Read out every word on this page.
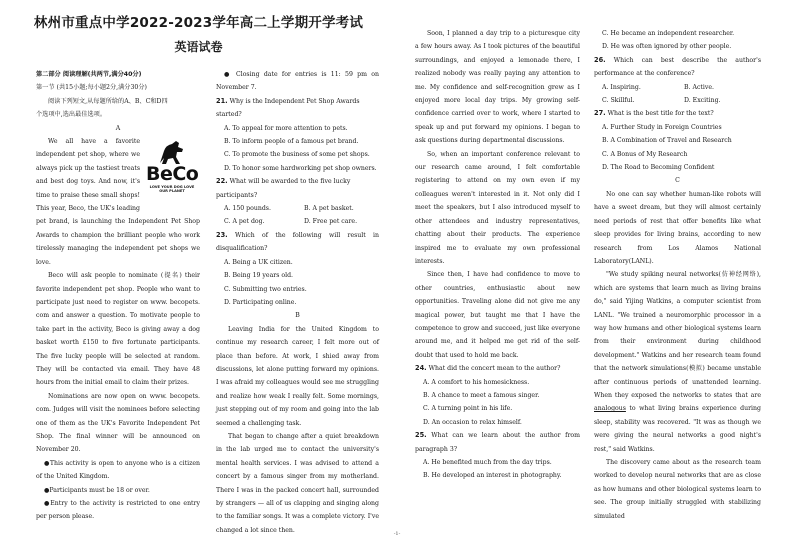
林州市重点中学2022-2023学年高二上学期开学考试
英语试卷

第二部分 阅读理解(共两节,满分40分)

第一节 (共15小题;每小题2分,满分30分)

阅读下列短文,从每题所给的A、B、C和D四

个选项中,选出最佳选项。

A

BeCo
LOVE YOUR DOG LOVE OUR PLANET

We all have a favorite independent pet shop, where we always pick up the tastiest treats and best dog toys. And now, it's time to praise these small shops! This year, Beco, the UK's leading pet brand, is launching the Independent Pet Shop Awards to champion the brilliant people who work tirelessly managing the independent pet shops we love.

Beco will ask people to nominate (提名) their favorite independent pet shop. People who want to participate just need to register on www. becopets. com and answer a question. To motivate people to take part in the activity, Beco is giving away a dog basket worth £150 to five fortunate participants. The five lucky people will be selected at random. They will be contacted via email. They have 48 hours from the initial email to claim their prizes.

Nominations are now open on www. becopets. com. Judges will visit the nominees before selecting one of them as the UK's Favorite Independent Pet Shop. The final winner will be announced on November 20.

●This activity is open to anyone who is a citizen of the United Kingdom.

●Participants must be 18 or over.

●Entry to the activity is restricted to one entry per person please.

● Closing date for entries is 11: 59 pm on November 7.

21. Why is the Independent Pet Shop Awards started?

A. To appeal for more attention to pets.

B. To inform people of a famous pet brand.

C. To promote the business of some pet shops.

D. To honor some hardworking pet shop owners.

22. What will be awarded to the five lucky participants?

A. 150 pounds.	B. A pet basket.

C. A pet dog.	D. Free pet care.

23. Which of the following will result in disqualification?

A. Being a UK citizen.

B. Being 19 years old.

C. Submitting two entries.

D. Participating online.

B

Leaving India for the United Kingdom to continue my research career, I felt more out of place than before. At work, I shied away from discussions, let alone putting forward my opinions. I was afraid my colleagues would see me struggling and realize how weak I really felt. Some mornings, just stepping out of my room and going into the lab seemed a challenging task.

That began to change after a quiet breakdown in the lab urged me to contact the university's mental health services. I was advised to attend a concert by a famous singer from my motherland. There I was in the packed concert hall, surrounded by strangers — all of us clapping and singing along to the familiar songs. It was a complete victory. I've changed a lot since then.

Soon, I planned a day trip to a picturesque city a few hours away. As I took pictures of the beautiful surroundings, and enjoyed a lemonade there, I realized nobody was really paying any attention to me. My confidence and self-recognition grew as I enjoyed more local day trips. My growing self-confidence carried over to work, where I started to speak up and put forward my opinions. I began to ask questions during departmental discussions.

So, when an important conference relevant to our research came around, I felt comfortable registering to attend on my own even if my colleagues weren't interested in it. Not only did I meet the speakers, but I also introduced myself to other attendees and industry representatives, chatting about their products. The experience inspired me to evaluate my own professional interests.

Since then, I have had confidence to move to other countries, enthusiastic about new opportunities. Traveling alone did not give me any magical power, but taught me that I have the competence to grow and succeed, just like everyone around me, and it helped me get rid of the self-doubt that used to hold me back.

24. What did the concert mean to the author?

A. A comfort to his homesickness.

B. A chance to meet a famous singer.

C. A turning point in his life.

D. An occasion to relax himself.

25. What can we learn about the author from paragraph 3?

A. He benefited much from the day trips.

B. He developed an interest in photography.

C. He became an independent researcher.

D. He was often ignored by other people.

26. Which can best describe the author's performance at the conference?

A. Inspiring.	B. Active.

C. Skillful.	D. Exciting.

27. What is the best title for the text?

A. Further Study in Foreign Countries

B. A Combination of Travel and Research

C. A Bonus of My Research

D. The Road to Becoming Confident

C

No one can say whether human-like robots will have a sweet dream, but they will almost certainly need periods of rest that offer benefits like what sleep provides for living brains, according to new research from Los Alamos National Laboratory(LANL).

"We study spiking neural networks(仿神经网络), which are systems that learn much as living brains do," said Yijing Watkins, a computer scientist from LANL. "We trained a neuromorphic processor in a way how humans and other biological systems learn from their environment during childhood development." Watkins and her research team found that the network simulations(模拟) became unstable after continuous periods of unattended learning. When they exposed the networks to states that are analogous to what living brains experience during sleep, stability was recovered. "It was as though we were giving the neural networks a good night's rest," said Watkins.

The discovery came about as the research team worked to develop neural networks that are as close as how humans and other biological systems learn to see. The group initially struggled with stabilizing simulated

-1-
